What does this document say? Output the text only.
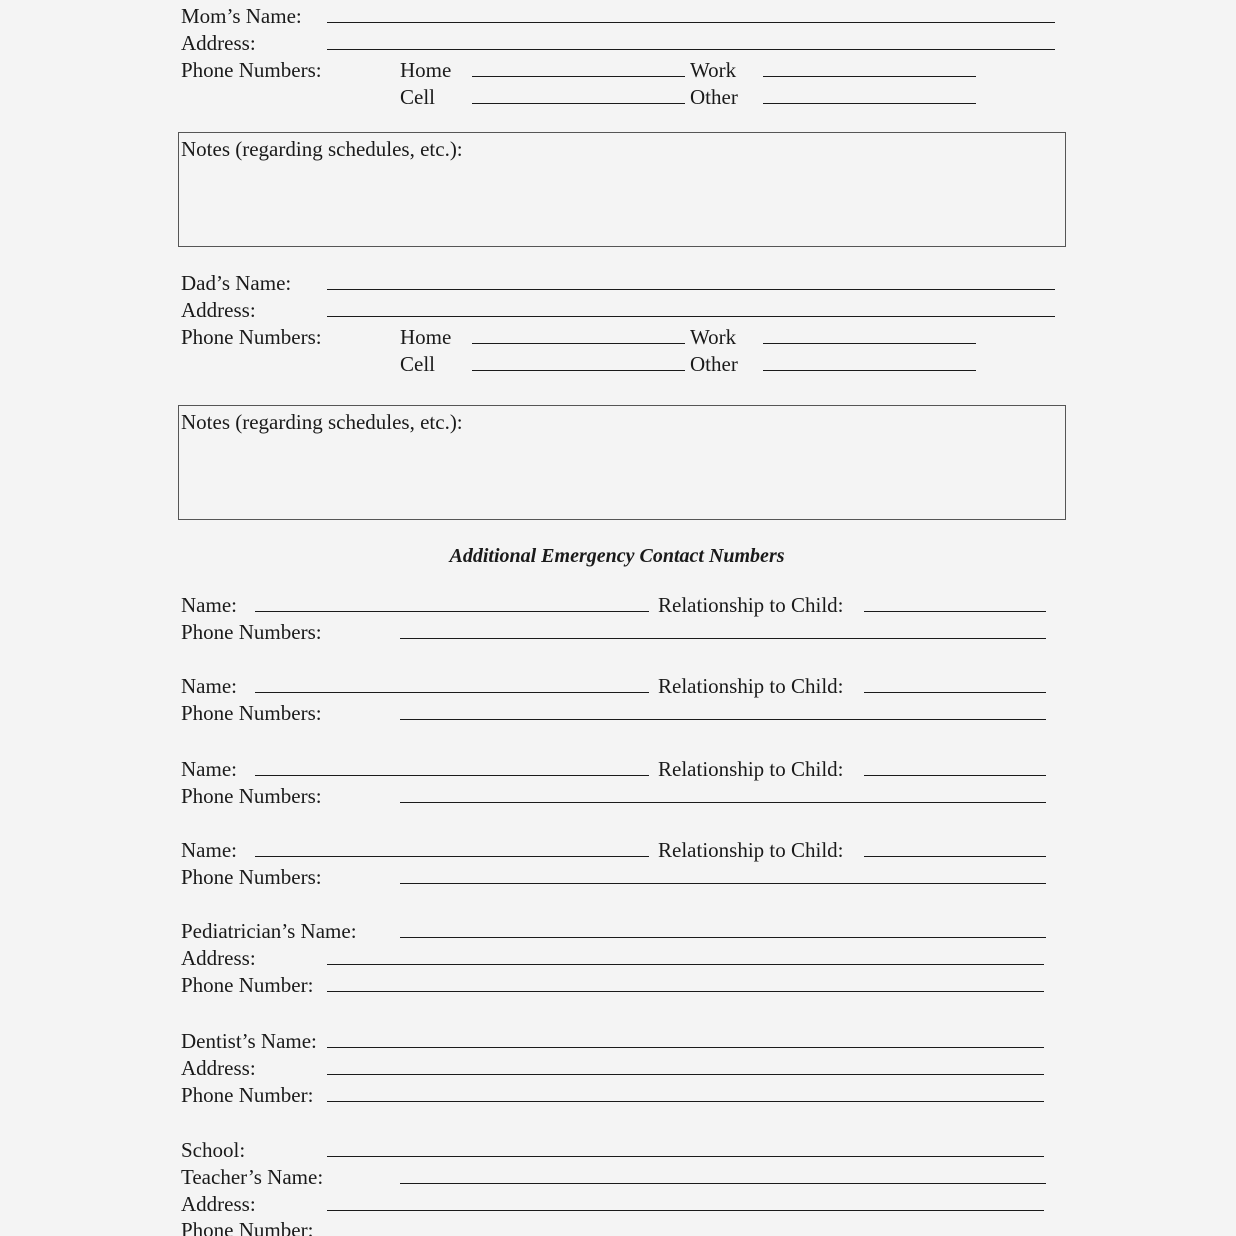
Mom’s Name:
Address:
Phone Numbers:	Home	Work
Cell	Other
Notes (regarding schedules, etc.):
Dad’s Name:
Address:
Phone Numbers:	Home	Work
Cell	Other
Notes (regarding schedules, etc.):
Additional Emergency Contact Numbers
Name:	Relationship to Child:
Phone Numbers:
Name:	Relationship to Child:
Phone Numbers:
Name:	Relationship to Child:
Phone Numbers:
Name:	Relationship to Child:
Phone Numbers:
Pediatrician’s Name:
Address:
Phone Number:
Dentist’s Name:
Address:
Phone Number:
School:
Teacher’s Name:
Address:
Phone Number:
